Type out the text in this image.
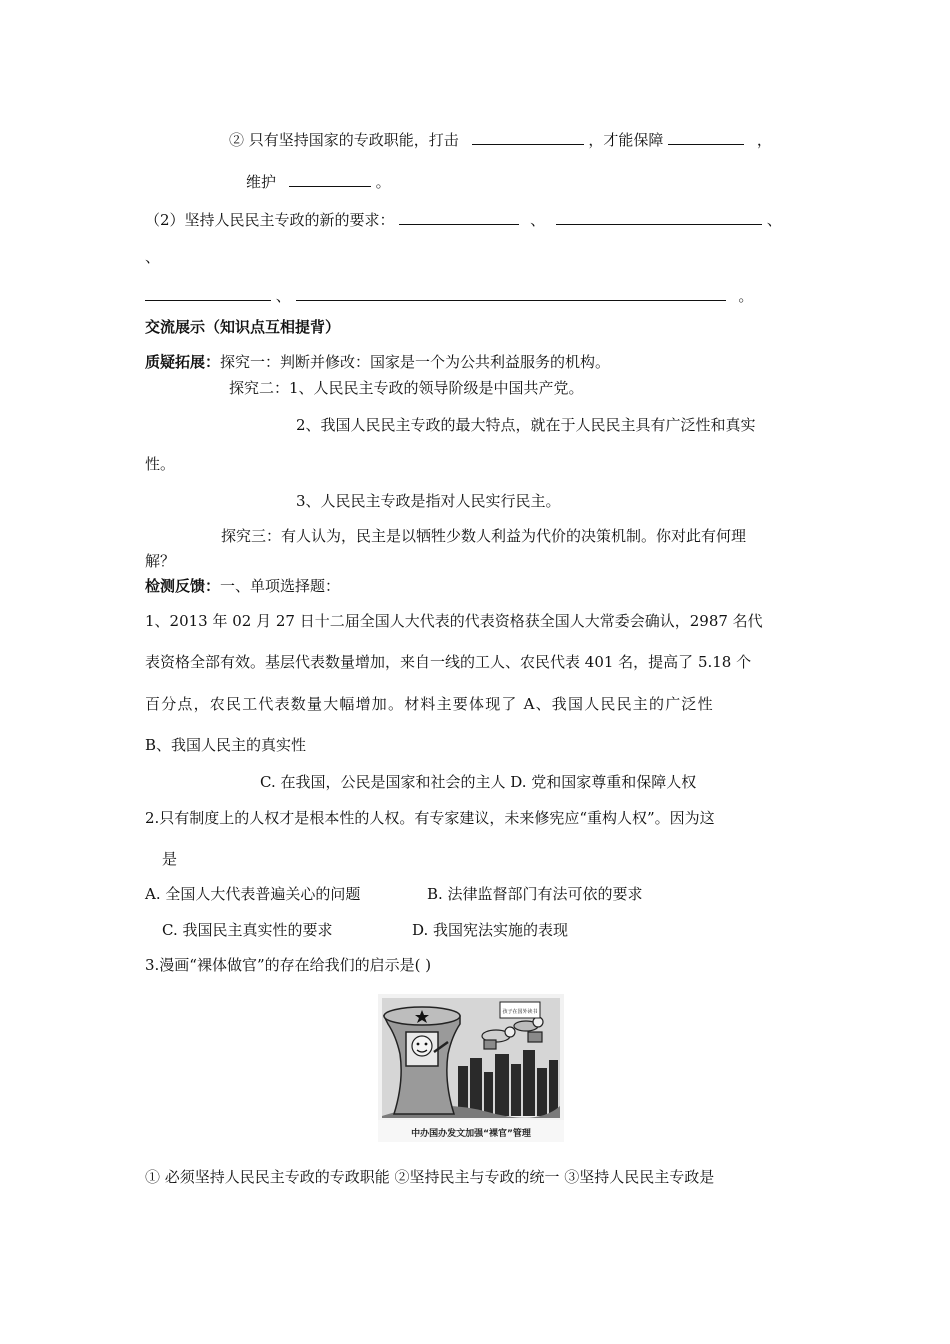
② 只有坚持国家的专政职能，打击	，才能保障	，
维护	。
（2）坚持人民民主专政的新的要求：	、	、
、
、	。
交流展示（知识点互相提背）
质疑拓展：探究一：判断并修改：国家是一个为公共利益服务的机构。
探究二：1、人民民主专政的领导阶级是中国共产党。
2、我国人民民主专政的最大特点，就在于人民民主具有广泛性和真实
性。
3、人民民主专政是指对人民实行民主。
探究三：有人认为，民主是以牺牲少数人利益为代价的决策机制。你对此有何理
解？
检测反馈：一、单项选择题：
1、2013 年 02 月 27 日十二届全国人大代表的代表资格获全国人大常委会确认，2987 名代
表资格全部有效。基层代表数量增加，来自一线的工人、农民代表 401 名，提高了 5.18 个
百分点，农民工代表数量大幅增加。材料主要体现了 A、我国人民民主的广泛性
B、我国人民主的真实性
C. 在我国，公民是国家和社会的主人 D. 党和国家尊重和保障人权
2.只有制度上的人权才是根本性的人权。有专家建议，未来修宪应“重构人权”。因为这
是
A. 全国人大代表普遍关心的问题	B. 法律监督部门有法可依的要求
C. 我国民主真实性的要求	D. 我国宪法实施的表现
3.漫画“裸体做官”的存在给我们的启示是( )
孩子在国外读书
中办国办发文加强“裸官”管理
① 必须坚持人民民主专政的专政职能 ②坚持民主与专政的统一 ③坚持人民民主专政是
